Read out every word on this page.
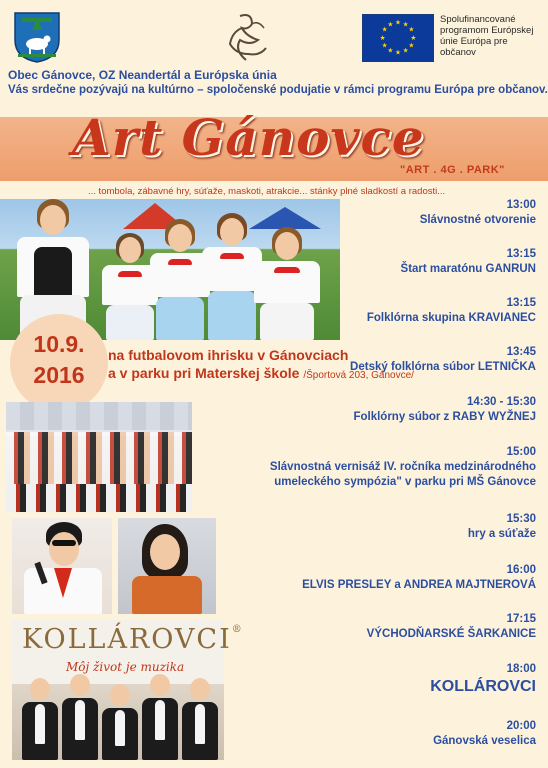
★ ★
★
★
★
★
★
★
★
★
★
★	Spolufinancované
programom Európskej
únie Európa pre
občanov
Obec Gánovce, OZ Neandertál a Európska únia
Vás srdečne pozývajú na kultúrno – spoločenské podujatie v rámci programu Európa pre občanov.
Art Gánovce
"ART . 4G . PARK"
... tombola, zábavné hry, súťaže, maskoti, atrakcie... stánky plné sladkostí a radosti...
10.9.
2016
na futbalovom ihrisku v Gánovciach
a v parku pri Materskej škole /Športová 203, Gánovce/
KOLLÁROVCI®
Môj život je muzika
13:00
Slávnostné otvorenie
13:15
Štart maratónu GANRUN
13:15
Folklórna skupina KRAVIANEC
13:45
Detský folklórna súbor LETNIČKA
14:30 - 15:30
Folklórny súbor z RABY WYŽNEJ
15:00
Slávnostná vernisáž IV. ročníka medzinárodného
umeleckého sympózia" v parku pri MŠ Gánovce
15:30
hry a súťaže
16:00
ELVIS PRESLEY a ANDREA MAJTNEROVÁ
17:15
VÝCHODŇARSKÉ ŠARKANICE
18:00
KOLLÁROVCI
20:00
Gánovská veselica
